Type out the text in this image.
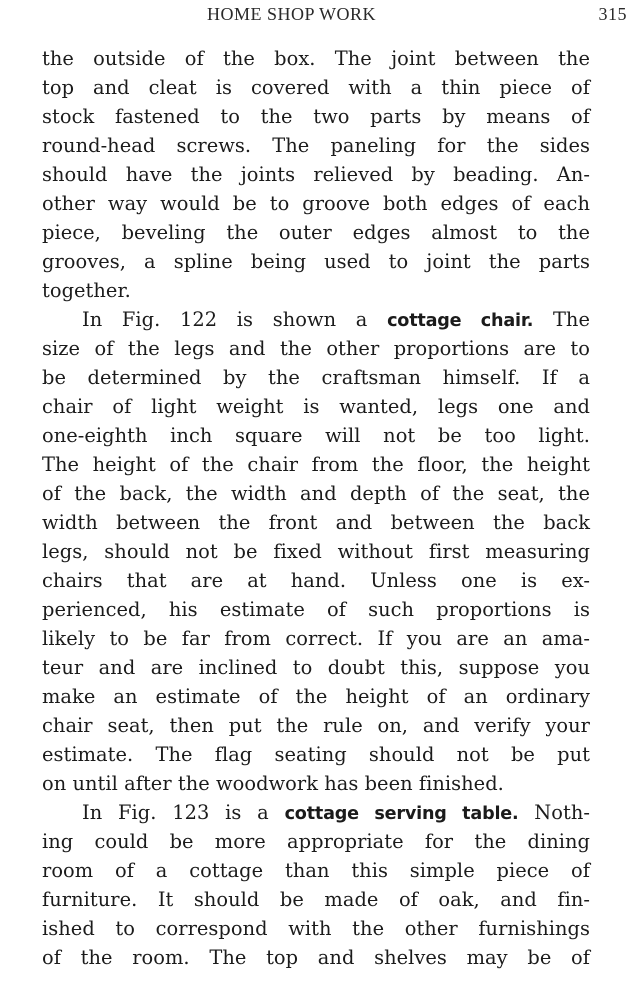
HOME SHOP WORK	315
the outside of the box. The joint between the
top and cleat is covered with a thin piece of
stock fastened to the two parts by means of
round-head screws. The paneling for the sides
should have the joints relieved by beading. An-
other way would be to groove both edges of each
piece, beveling the outer edges almost to the
grooves, a spline being used to joint the parts
together.
In Fig. 122 is shown a cottage chair. The
size of the legs and the other proportions are to
be determined by the craftsman himself. If a
chair of light weight is wanted, legs one and
one-eighth inch square will not be too light.
The height of the chair from the floor, the height
of the back, the width and depth of the seat, the
width between the front and between the back
legs, should not be fixed without first measuring
chairs that are at hand. Unless one is ex-
perienced, his estimate of such proportions is
likely to be far from correct. If you are an ama-
teur and are inclined to doubt this, suppose you
make an estimate of the height of an ordinary
chair seat, then put the rule on, and verify your
estimate. The flag seating should not be put
on until after the woodwork has been finished.
In Fig. 123 is a cottage serving table. Noth-
ing could be more appropriate for the dining
room of a cottage than this simple piece of
furniture. It should be made of oak, and fin-
ished to correspond with the other furnishings
of the room. The top and shelves may be of
